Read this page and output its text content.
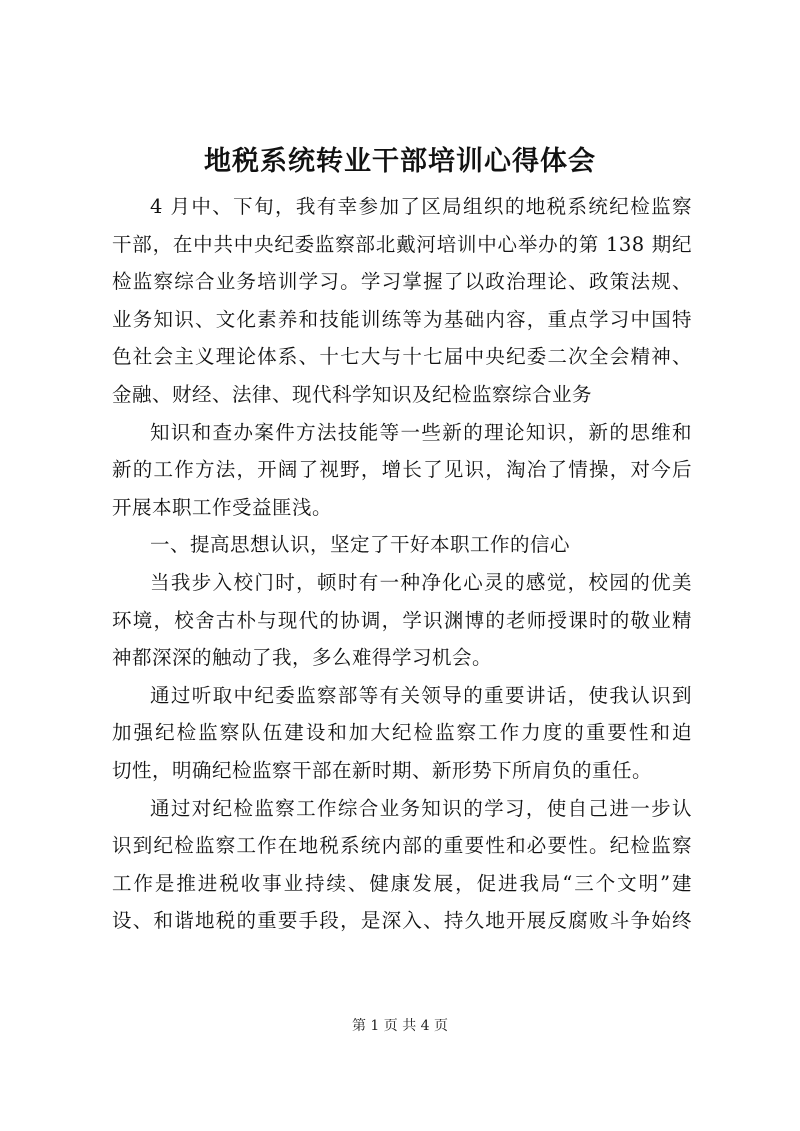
地税系统转业干部培训心得体会
4 月中、下旬，我有幸参加了区局组织的地税系统纪检监察
干部，在中共中央纪委监察部北戴河培训中心举办的第 138 期纪
检监察综合业务培训学习。学习掌握了以政治理论、政策法规、
业务知识、文化素养和技能训练等为基础内容，重点学习中国特
色社会主义理论体系、十七大与十七届中央纪委二次全会精神、
金融、财经、法律、现代科学知识及纪检监察综合业务
知识和查办案件方法技能等一些新的理论知识，新的思维和
新的工作方法，开阔了视野，增长了见识，淘冶了情操，对今后
开展本职工作受益匪浅。
一、提高思想认识，坚定了干好本职工作的信心
当我步入校门时，顿时有一种净化心灵的感觉，校园的优美
环境，校舍古朴与现代的协调，学识渊博的老师授课时的敬业精
神都深深的触动了我，多么难得学习机会。
通过听取中纪委监察部等有关领导的重要讲话，使我认识到
加强纪检监察队伍建设和加大纪检监察工作力度的重要性和迫
切性，明确纪检监察干部在新时期、新形势下所肩负的重任。
通过对纪检监察工作综合业务知识的学习，使自己进一步认
识到纪检监察工作在地税系统内部的重要性和必要性。纪检监察
工作是推进税收事业持续、健康发展，促进我局“三个文明”建
设、和谐地税的重要手段，是深入、持久地开展反腐败斗争始终
第 1 页 共 4 页
